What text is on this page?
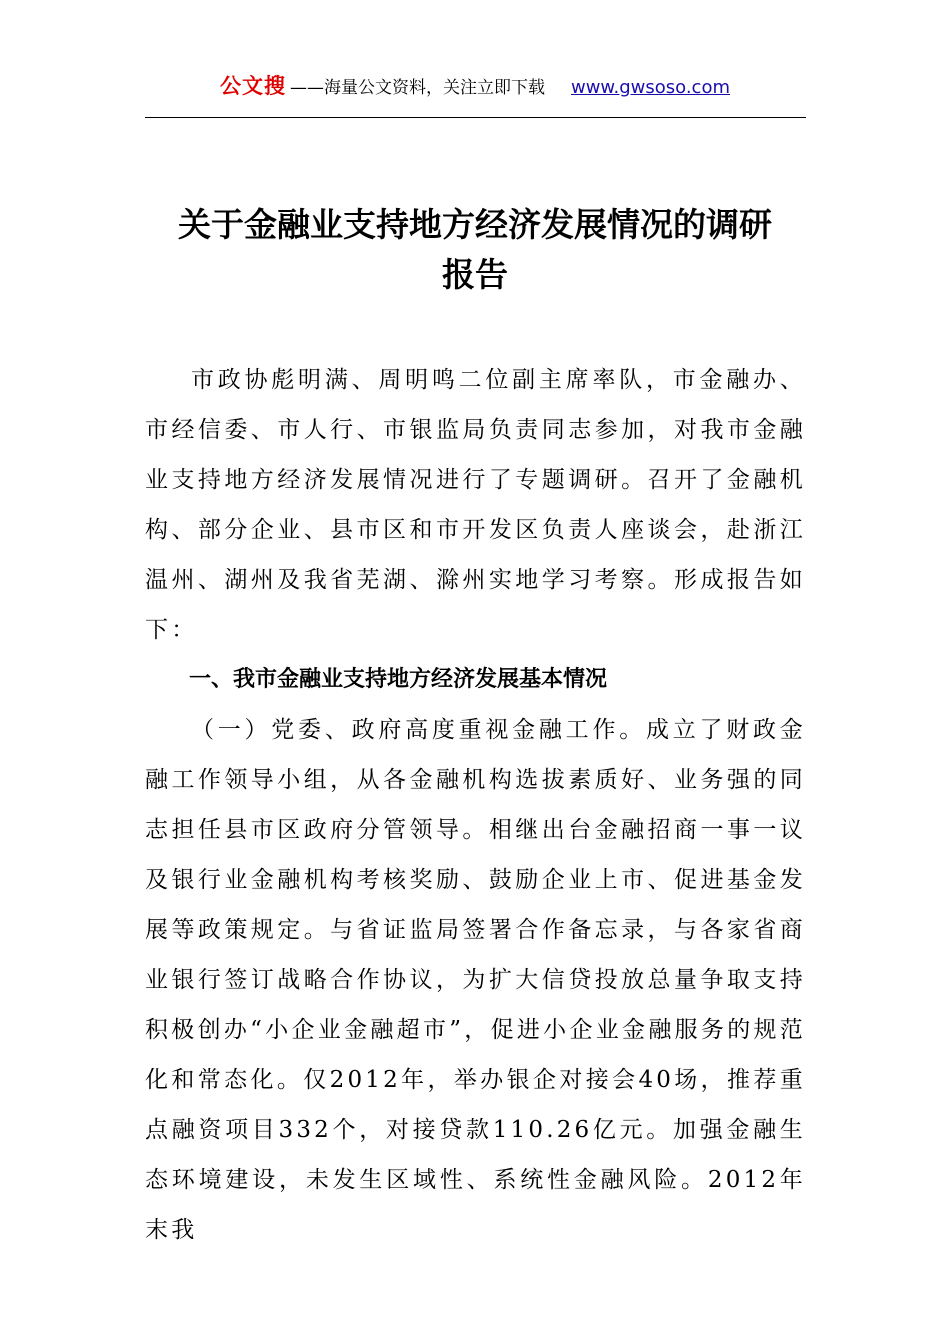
公文搜 ——海量公文资料，关注立即下载 www.gwsoso.com
关于金融业支持地方经济发展情况的调研
报告

市政协彪明满、周明鸣二位副主席率队，市金融办、市经信委、市人行、市银监局负责同志参加，对我市金融业支持地方经济发展情况进行了专题调研。召开了金融机构、部分企业、县市区和市开发区负责人座谈会，赴浙江温州、湖州及我省芜湖、滁州实地学习考察。形成报告如下：

一、我市金融业支持地方经济发展基本情况

（一）党委、政府高度重视金融工作。成立了财政金融工作领导小组，从各金融机构选拔素质好、业务强的同志担任县市区政府分管领导。相继出台金融招商一事一议及银行业金融机构考核奖励、鼓励企业上市、促进基金发展等政策规定。与省证监局签署合作备忘录，与各家省商业银行签订战略合作协议，为扩大信贷投放总量争取支持积极创办“小企业金融超市”，促进小企业金融服务的规范化和常态化。仅2012年，举办银企对接会40场，推荐重点融资项目332个，对接贷款110.26亿元。加强金融生态环境建设，未发生区域性、系统性金融风险。2012年末我
